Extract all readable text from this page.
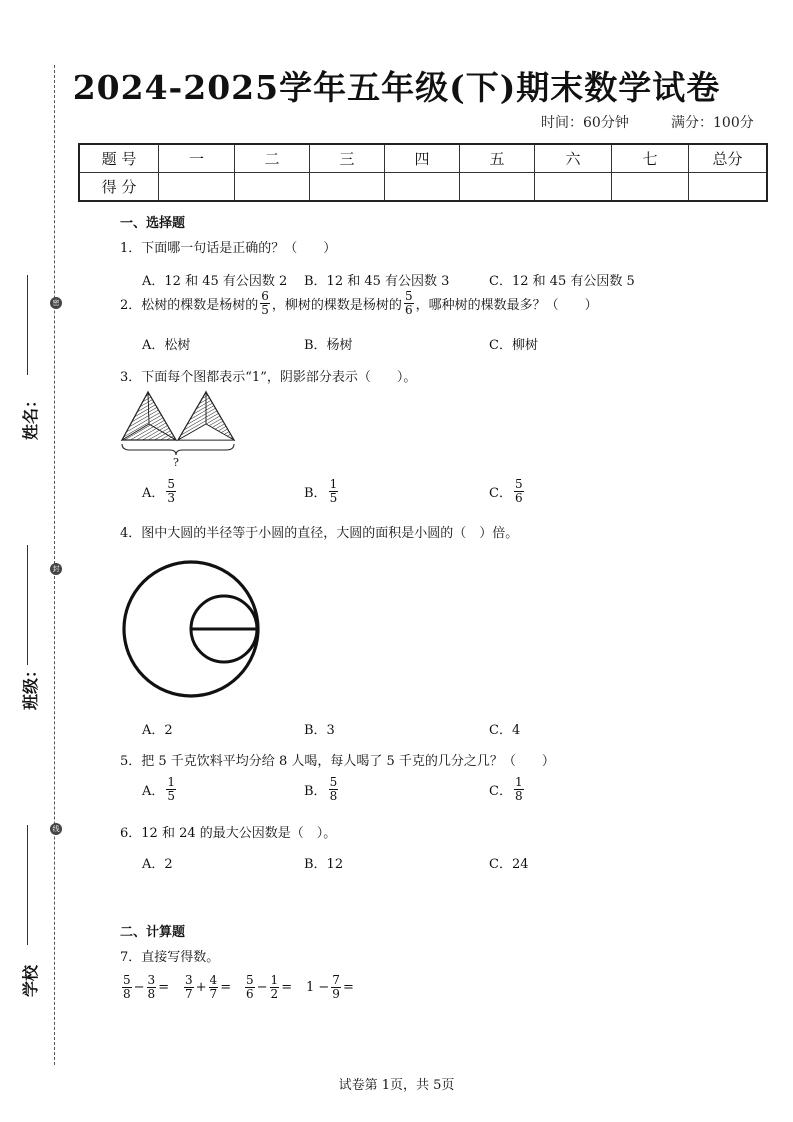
2024-2025学年五年级(下)期末数学试卷
时间：60分钟	满分：100分
题 号	一	二	三	四	五	六	七	总分
得 分								
密
封
线
姓名：
班级：
学校
一、选择题
1．下面哪一句话是正确的？（　　）
A．12 和 45 有公因数 2 B．12 和 45 有公因数 3	C．12 和 45 有公因数 5
2．松树的棵数是杨树的 $\frac{6}{5}$ ，柳树的棵数是杨树的 $\frac{5}{6}$ ，哪种树的棵数最多？（　　）
A．松树	B．杨树	C．柳树
3．下面每个图都表示“1”，阴影部分表示（　　）。
?
A． $\frac{5}{3}$	B． $\frac{1}{5}$	C． $\frac{5}{6}$
4．图中大圆的半径等于小圆的直径，大圆的面积是小圆的（　）倍。
A．2	B．3	C．4
5．把 5 千克饮料平均分给 8 人喝，每人喝了 5 千克的几分之几？（　　）
A． $\frac{1}{5}$	B． $\frac{5}{8}$	C． $\frac{1}{8}$
6．12 和 24 的最大公因数是（　）。
A．2	B．12	C．24
二、计算题
7．直接写得数。
$\frac{5}{8} - \frac{3}{8} = \frac{3}{7} + \frac{4}{7} = \frac{5}{6} - \frac{1}{2} = 1 - \frac{7}{9}$ =
试卷第 1页，共 5页
